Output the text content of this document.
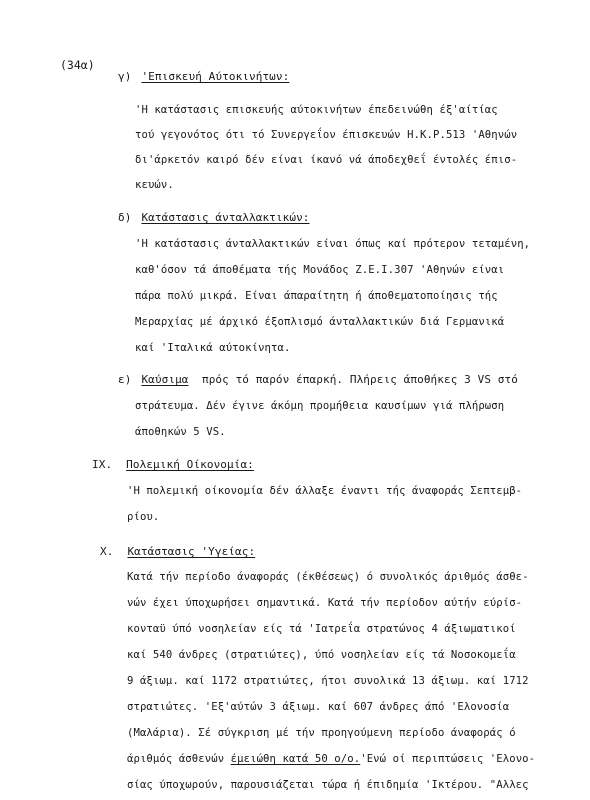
(34α)
γ) 'Επισκευή Αύτοκινήτων:
'Η κατάστασις επισκευής αύτοκινήτων έπεδεινώθη έξ'αίτίας
τού γεγονότος ότι τό Συνεργεΐον έπισκευών Η.Κ.Ρ.513 'Αθηνών
δι'άρκετόν καιρό δέν είναι ίκανό νά άποδεχθεΐ έντολές έπισ-
κευών.
δ) Κατάστασις άνταλλακτικών:
'Η κατάστασις άνταλλακτικών είναι όπως καί πρότερον τεταμένη,
καθ'όσον τά άποθέματα τής Μονάδος Ζ.Ε.Ι.307 'Αθηνών είναι
πάρα πολύ μικρά. Είναι άπαραίτητη ή άποθεματοποίησις τής
Μεραρχίας μέ άρχικό έξοπλισμό άνταλλακτικών διά Γερμανικά
καί 'Ιταλικά αύτοκίνητα.
ε) Καύσιμα πρός τό παρόν έπαρκή. Πλήρεις άποθήκες 3 VS στό
στράτευμα. Δέν έγινε άκόμη προμήθεια καυσίμων γιά πλήρωση
άποθηκών 5 VS.
IX. Πολεμική Οίκονομία:
'Η πολεμική οίκονομία δέν άλλαξε έναντι τής άναφοράς Σεπτεμβ-
ρίου.
X. Κατάστασις 'Υγείας:
Κατά τήν περίοδο άναφοράς (έκθέσεως) ό συνολικός άριθμός άσθε-
νών έχει ύποχωρήσει σημαντικά. Κατά τήν περίοδον αύτήν εύρίσ-
κονταϋ ύπό νοσηλείαν είς τά 'Ιατρεΐα στρατώνος 4 άξιωματικοί
καί 540 άνδρες (στρατιώτες), ύπό νοσηλείαν είς τά Νοσοκομεΐα
9 άξιωμ. καί 1172 στρατιώτες, ήτοι συνολικά 13 άξιωμ. καί 1712
στρατιώτες. 'Εξ'αύτών 3 άξιωμ. καί 607 άνδρες άπό 'Ελονοσία
(Μαλάρια). Σέ σύγκριση μέ τήν προηγούμενη περίοδο άναφοράς ό
άριθμός άσθενών έμειώθη κατά 50 ο/ο.'Ενώ οί περιπτώσεις 'Ελονο-
σίας ύποχωρούν, παρουσιάζεται τώρα ή έπιδημία 'Ικτέρου. "Αλλες
